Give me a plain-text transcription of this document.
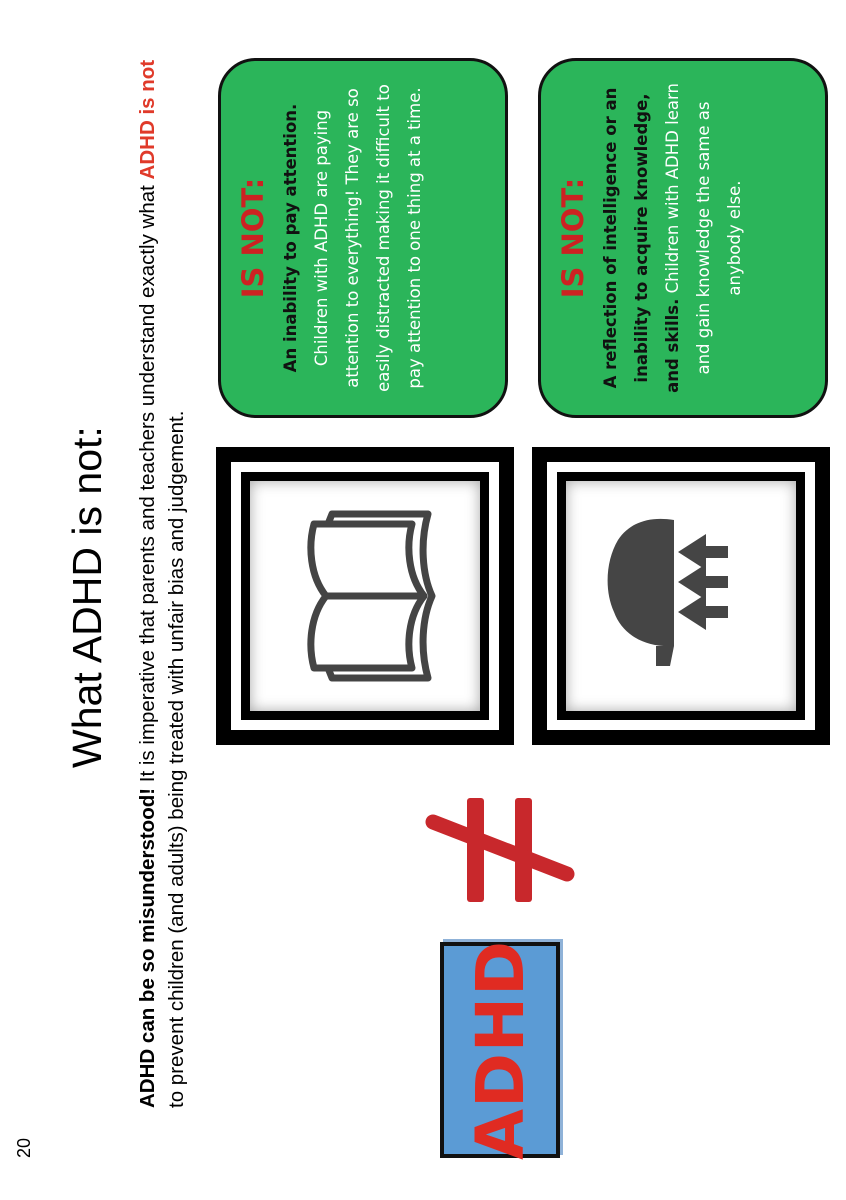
20
What ADHD is not:
ADHD can be so misunderstood! It is imperative that parents and teachers understand exactly what ADHD is not to prevent children (and adults) being treated with unfair bias and judgement.	ADHD
IS NOT: An inability to pay attention. Children with ADHD are paying attention to everything! They are so easily distracted making it difficult to pay attention to one thing at a time.	IS NOT: A reflection of intelligence or an inability to acquire knowledge, and skills. Children with ADHD learn and gain knowledge the same as anybody else.
